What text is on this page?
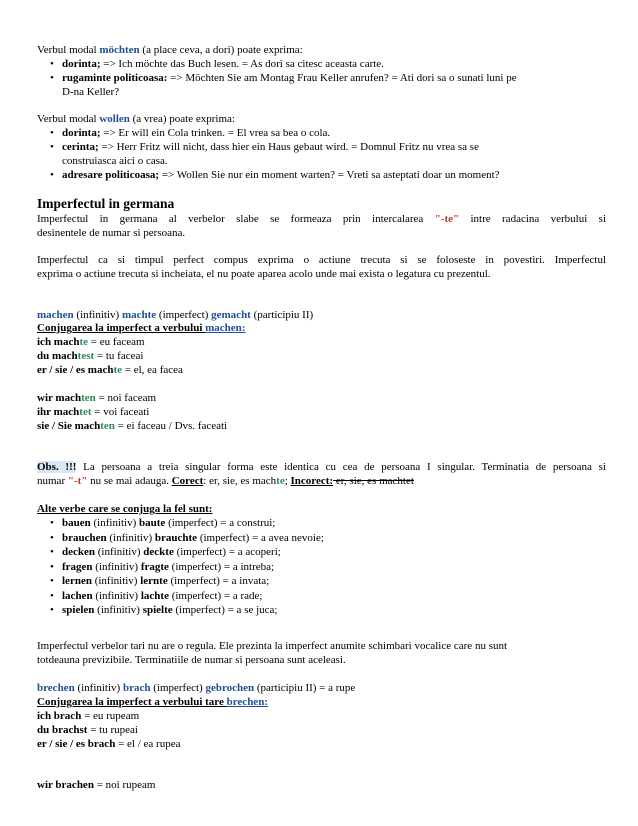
Verbul modal möchten (a place ceva, a dori) poate exprima:
• dorinta; => Ich möchte das Buch lesen. = As dori sa citesc aceasta carte.
• rugaminte politicoasa: => Möchten Sie am Montag Frau Keller anrufen? = Ati dori sa o sunati luni pe
D-na Keller?
Verbul modal wollen (a vrea) poate exprima:
• dorinta; => Er will ein Cola trinken. = El vrea sa bea o cola.
• cerinta; => Herr Fritz will nicht, dass hier ein Haus gebaut wird. = Domnul Fritz nu vrea sa se
construiasca aici o casa.
• adresare politicoasa; => Wollen Sie nur ein moment warten? = Vreti sa asteptati doar un moment?
Imperfectul in germana
Imperfectul in germana al verbelor slabe se formeaza prin intercalarea "-te" intre radacina verbului si
desinentele de numar si persoana.
Imperfectul ca si timpul perfect compus exprima o actiune trecuta si se foloseste in povestiri. Imperfectul
exprima o actiune trecuta si incheiata, el nu poate aparea acolo unde mai exista o legatura cu prezentul.
machen (infinitiv) machte (imperfect) gemacht (participiu II)
Conjugarea la imperfect a verbului machen:
ich machte = eu faceam
du machtest = tu faceai
er / sie / es machte = el, ea facea
wir machten = noi faceam
ihr machtet = voi faceati
sie / Sie machten = ei faceau / Dvs. faceati
Obs. !!! La persoana a treia singular forma este identica cu cea de persoana I singular. Terminatia de persoana si
numar "-t" nu se mai adauga. Corect: er, sie, es machte; Incorect: er, sie, es machtet
Alte verbe care se conjuga la fel sunt:
• bauen (infinitiv) baute (imperfect) = a construi;
• brauchen (infinitiv) brauchte (imperfect) = a avea nevoie;
• decken (infinitiv) deckte (imperfect) = a acoperi;
• fragen (infinitiv) fragte (imperfect) = a intreba;
• lernen (infinitiv) lernte (imperfect) = a invata;
• lachen (infinitiv) lachte (imperfect) = a rade;
• spielen (infinitiv) spielte (imperfect) = a se juca;
Imperfectul verbelor tari nu are o regula. Ele prezinta la imperfect anumite schimbari vocalice care nu sunt
totdeauna previzibile. Terminatiile de numar si persoana sunt aceleasi.
brechen (infinitiv) brach (imperfect) gebrochen (participiu II) = a rupe
Conjugarea la imperfect a verbului tare brechen:
ich brach = eu rupeam
du brachst = tu rupeai
er / sie / es brach = el / ea rupea
wir brachen = noi rupeam
